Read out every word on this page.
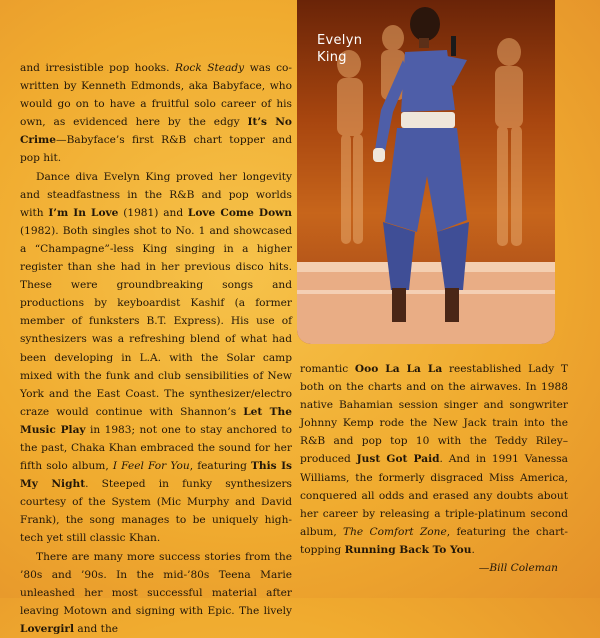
Evelyn
King

and irresistible pop hooks. Rock Steady was co-written by Kenneth Edmonds, aka Babyface, who would go on to have a fruitful solo career of his own, as evidenced here by the edgy It’s No Crime—Babyface’s first R&B chart topper and pop hit.

Dance diva Evelyn King proved her longevity and steadfastness in the R&B and pop worlds with I’m In Love (1981) and Love Come Down (1982). Both singles shot to No. 1 and showcased a “Champagne”-less King singing in a higher register than she had in her previous disco hits. These were groundbreaking songs and productions by keyboardist Kashif (a former member of funksters B.T. Express). His use of synthesizers was a refreshing blend of what had been developing in L.A. with the Solar camp mixed with the funk and club sensibilities of New York and the East Coast. The synthesizer/electro craze would continue with Shannon’s Let The Music Play in 1983; not one to stay anchored to the past, Chaka Khan embraced the sound for her fifth solo album, I Feel For You, featuring This Is My Night. Steeped in funky synthesizers courtesy of the System (Mic Murphy and David Frank), the song manages to be uniquely high-tech yet still classic Khan.

There are many more success stories from the ’80s and ’90s. In the mid-’80s Teena Marie unleashed her most successful material after leaving Motown and signing with Epic. The lively Lovergirl and the

romantic Ooo La La La reestablished Lady T both on the charts and on the airwaves. In 1988 native Bahamian session singer and songwriter Johnny Kemp rode the New Jack train into the R&B and pop top 10 with the Teddy Riley–produced Just Got Paid. And in 1991 Vanessa Williams, the formerly disgraced Miss America, conquered all odds and erased any doubts about her career by releasing a triple-platinum second album, The Comfort Zone, featuring the chart-topping Running Back To You.

—Bill Coleman
